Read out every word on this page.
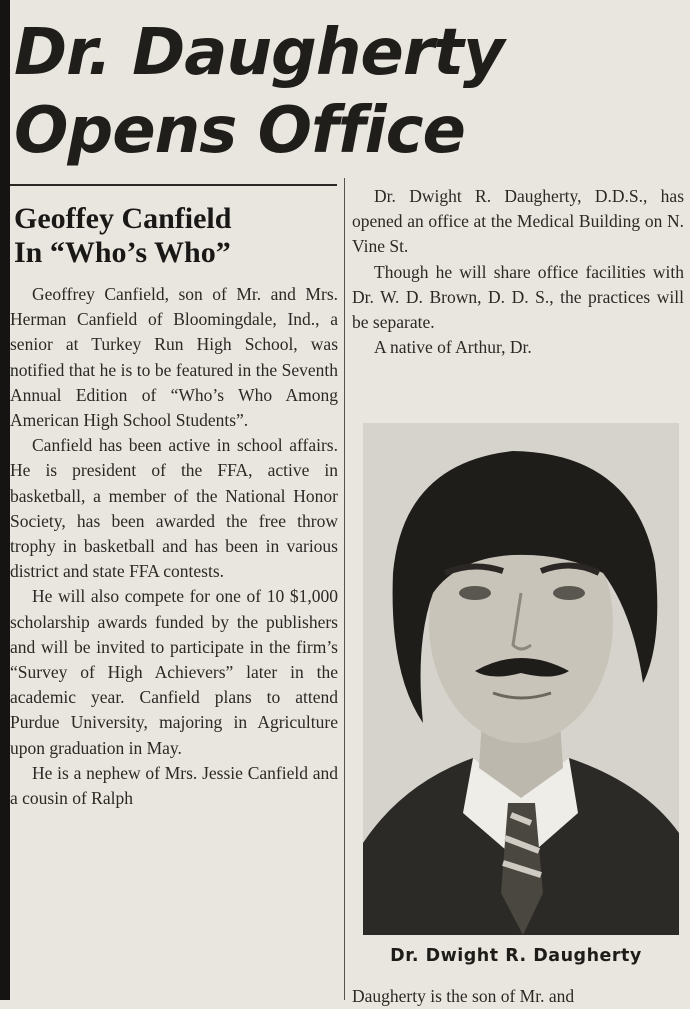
Dr. Daugherty
Opens Office
Geoffey Canfield
In “Who’s Who”

Geoffrey Canfield, son of Mr. and Mrs. Herman Canfield of Bloomingdale, Ind., a senior at Turkey Run High School, was notified that he is to be featured in the Seventh Annual Edition of “Who’s Who Among American High School Students”.

Canfield has been active in school affairs. He is president of the FFA, active in basketball, a member of the National Honor Society, has been awarded the free throw trophy in basketball and has been in various district and state FFA contests.

He will also compete for one of 10 $1,000 scholarship awards funded by the publishers and will be invited to participate in the firm’s “Survey of High Achievers” later in the academic year. Canfield plans to attend Purdue University, majoring in Agriculture upon graduation in May.

He is a nephew of Mrs. Jessie Canfield and a cousin of Ralph

Dr. Dwight R. Daugherty, D.D.S., has opened an office at the Medical Building on N. Vine St.

Though he will share office facilities with Dr. W. D. Brown, D. D. S., the practices will be separate.

A native of Arthur, Dr.

Dr. Dwight R. Daugherty
Daugherty is the son of Mr. and
